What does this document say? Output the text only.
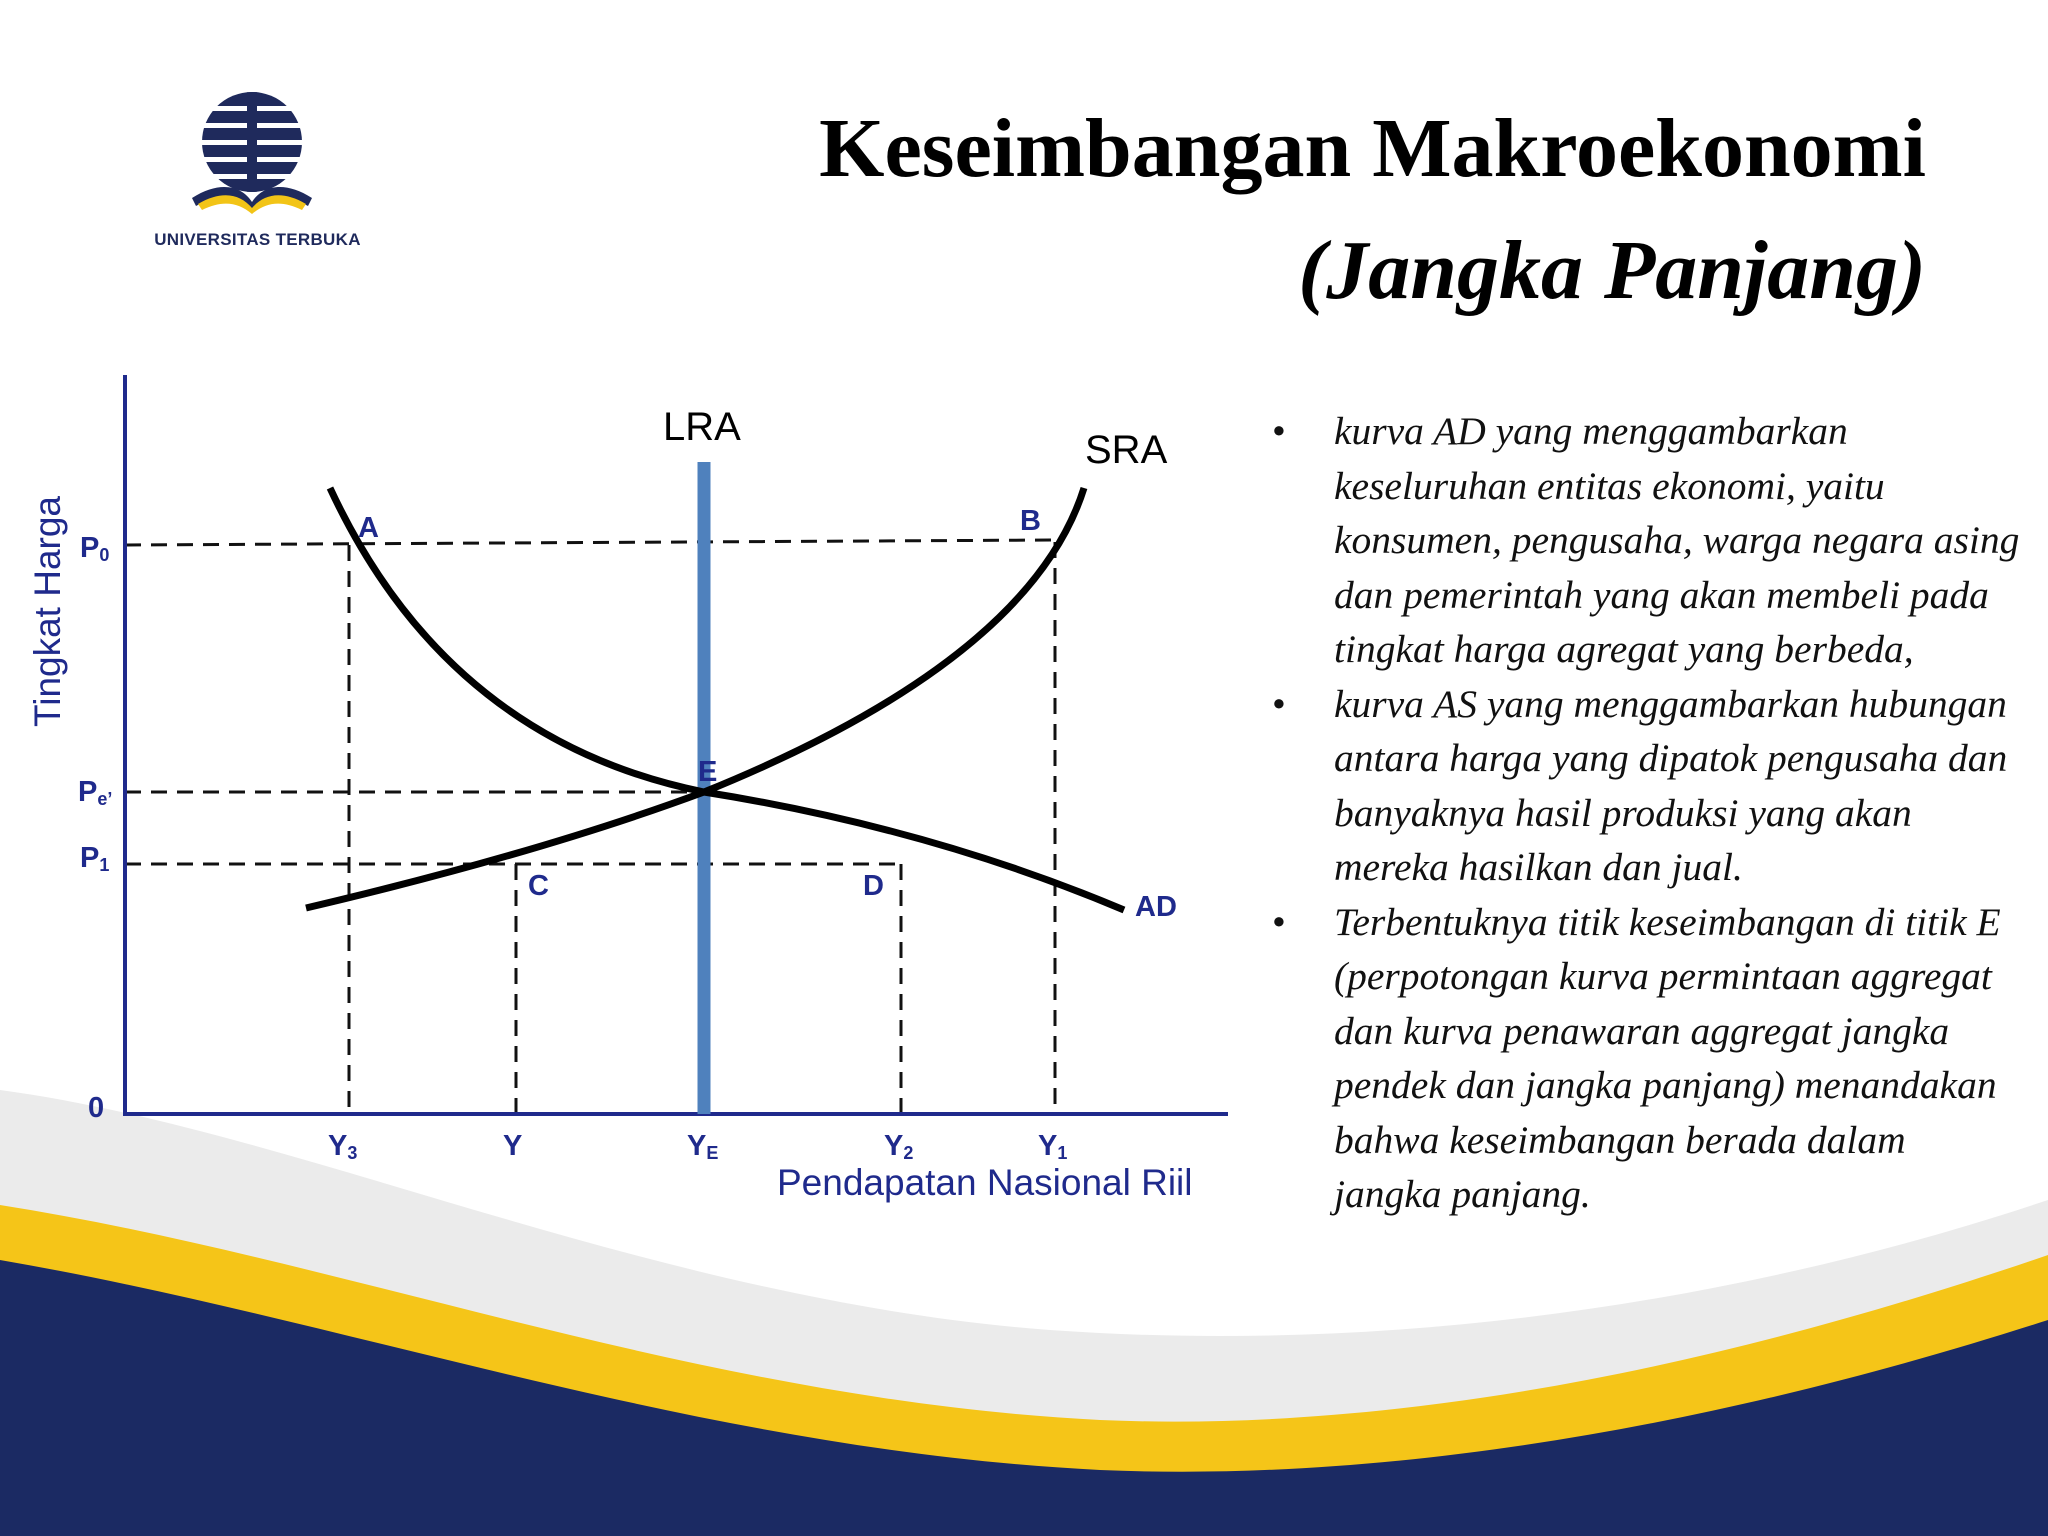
UNIVERSITAS TERBUKA
Keseimbangan Makroekonomi
(Jangka Panjang)
LRA
SRA
AD
A	B
C	D
E
P0
Pe’
P1
0
Y3	Y	YE	Y2	Y1
Pendapatan Nasional Riil
Tingkat Harga
• kurva AD yang menggambarkan keseluruhan entitas ekonomi, yaitu konsumen, pengusaha, warga negara asing dan pemerintah yang akan membeli pada tingkat harga agregat yang berbeda,
• kurva AS yang menggambarkan hubungan antara harga yang dipatok pengusaha dan banyaknya hasil produksi yang akan mereka hasilkan dan jual.
• Terbentuknya titik keseimbangan di titik E (perpotongan kurva permintaan aggregat dan kurva penawaran aggregat jangka pendek dan jangka panjang) menandakan bahwa keseimbangan berada dalam jangka panjang.
